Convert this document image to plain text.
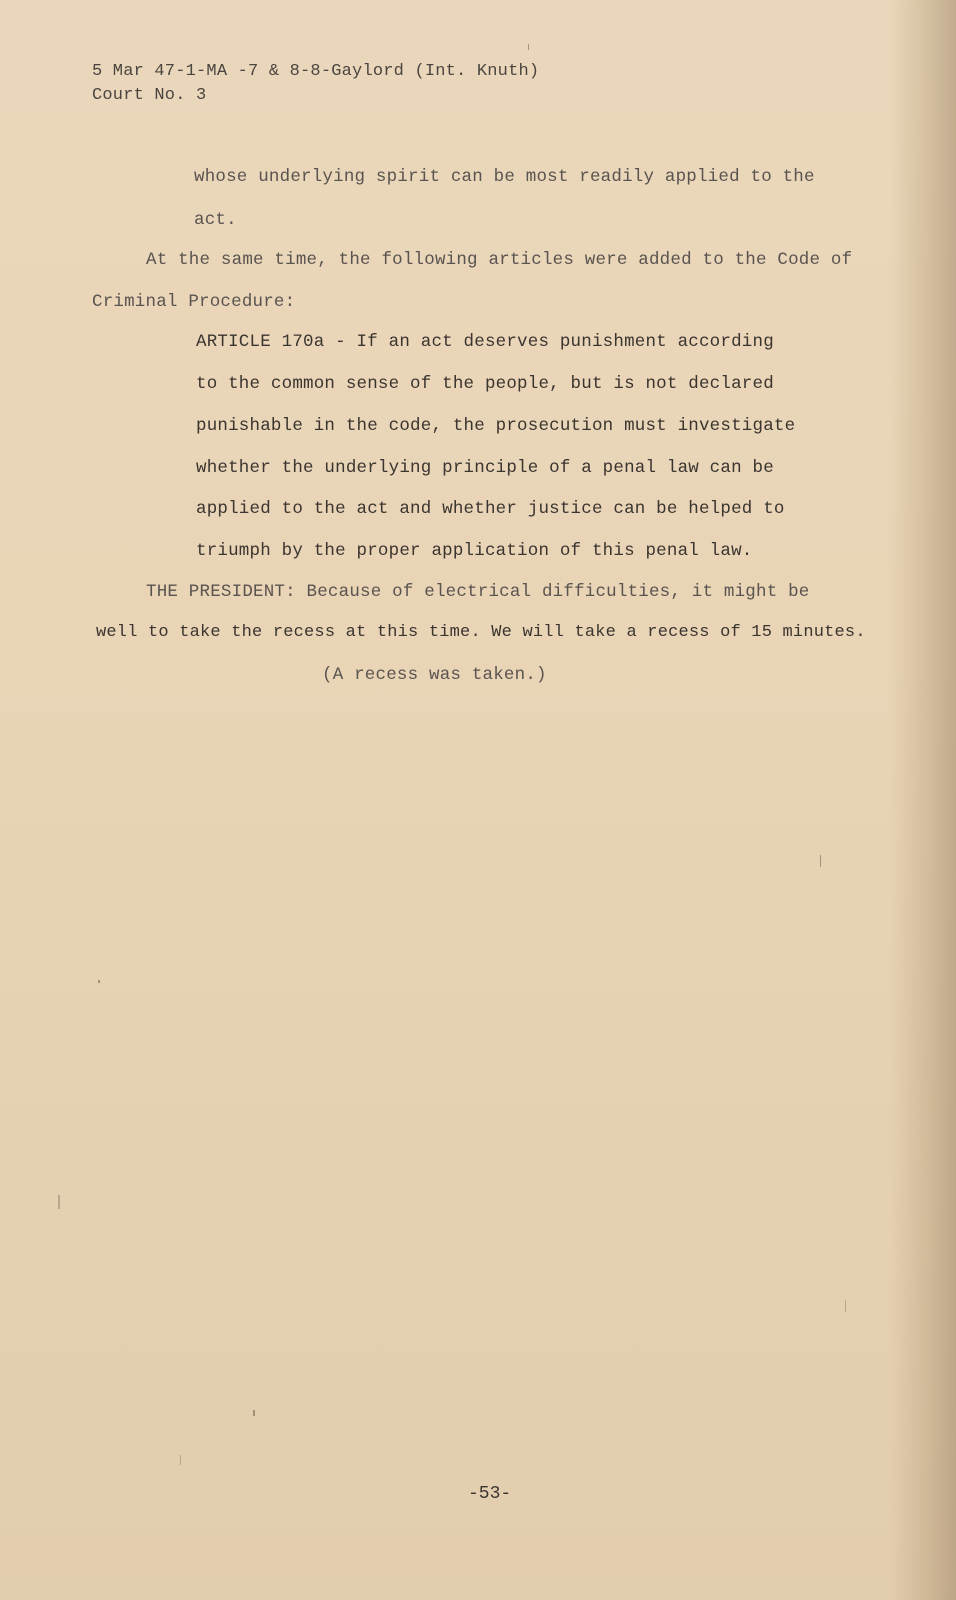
5 Mar 47-1-MA -7 & 8-8-Gaylord (Int. Knuth)
Court No. 3
whose underlying spirit can be most readily applied to the
act.
At the same time, the following articles were added to the Code of
Criminal Procedure:
ARTICLE 170a - If an act deserves punishment according
to the common sense of the people, but is not declared
punishable in the code, the prosecution must investigate
whether the underlying principle of a penal law can be
applied to the act and whether justice can be helped to
triumph by the proper application of this penal law.
THE PRESIDENT: Because of electrical difficulties, it might be
well to take the recess at this time. We will take a recess of 15 minutes.
(A recess was taken.)
-53-
